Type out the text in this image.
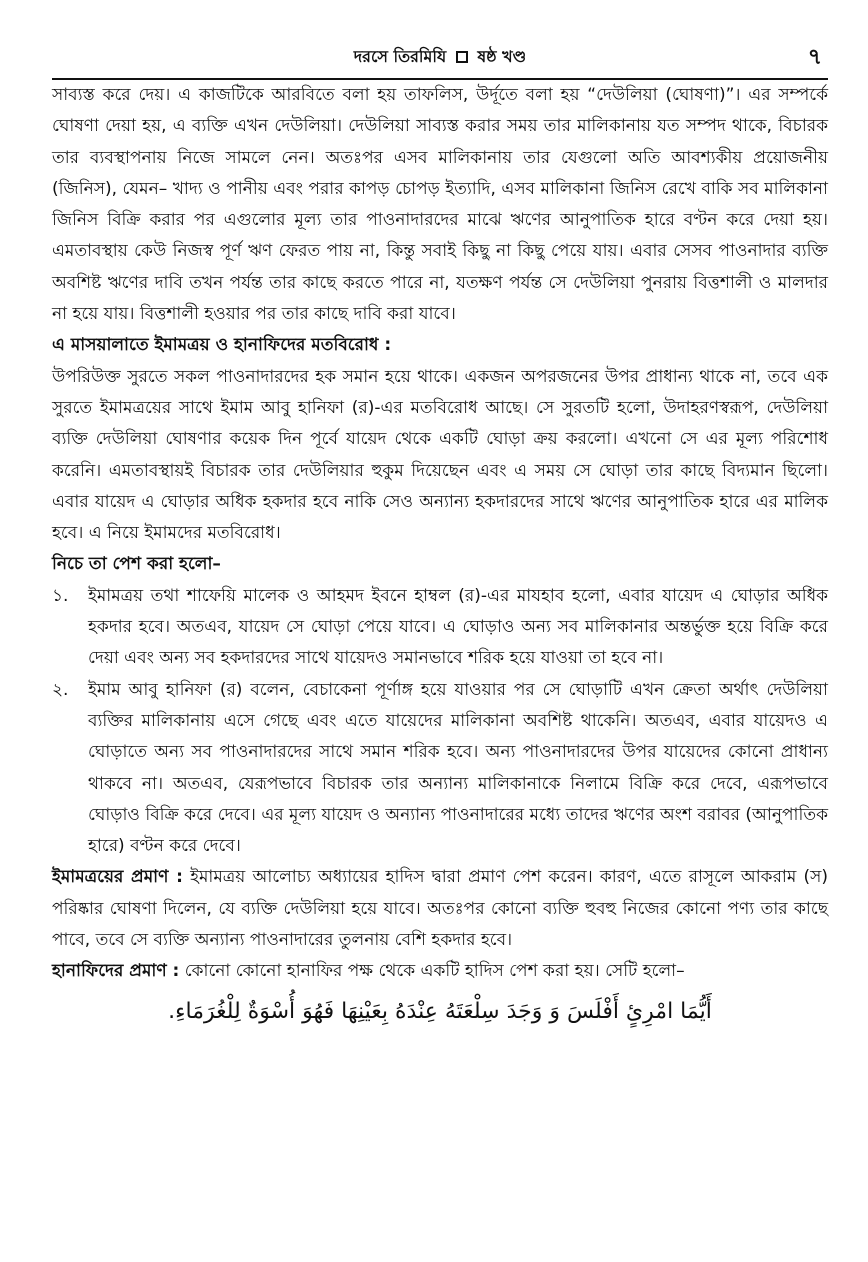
দরসে তিরমিযি ষষ্ঠ খণ্ড	৭

সাব্যস্ত করে দেয়। এ কাজটিকে আরবিতে বলা হয় তাফলিস, উর্দূতে বলা হয় “দেউলিয়া (ঘোষণা)”। এর সম্পর্কে ঘোষণা দেয়া হয়, এ ব্যক্তি এখন দেউলিয়া। দেউলিয়া সাব্যস্ত করার সময় তার মালিকানায় যত সম্পদ থাকে, বিচারক তার ব্যবস্থাপনায় নিজে সামলে নেন। অতঃপর এসব মালিকানায় তার যেগুলো অতি আবশ্যকীয় প্রয়োজনীয় (জিনিস), যেমন– খাদ্য ও পানীয় এবং পরার কাপড় চোপড় ইত্যাদি, এসব মালিকানা জিনিস রেখে বাকি সব মালিকানা জিনিস বিক্রি করার পর এগুলোর মূল্য তার পাওনাদারদের মাঝে ঋণের আনুপাতিক হারে বণ্টন করে দেয়া হয়। এমতাবস্থায় কেউ নিজস্ব পূর্ণ ঋণ ফেরত পায় না, কিন্তু সবাই কিছু না কিছু পেয়ে যায়। এবার সেসব পাওনাদার ব্যক্তি অবশিষ্ট ঋণের দাবি তখন পর্যন্ত তার কাছে করতে পারে না, যতক্ষণ পর্যন্ত সে দেউলিয়া পুনরায় বিত্তশালী ও মালদার না হয়ে যায়। বিত্তশালী হওয়ার পর তার কাছে দাবি করা যাবে।

এ মাসয়ালাতে ইমামত্রয় ও হানাফিদের মতবিরোধ :

উপরিউক্ত সুরতে সকল পাওনাদারদের হক সমান হয়ে থাকে। একজন অপরজনের উপর প্রাধান্য থাকে না, তবে এক সুরতে ইমামত্রয়ের সাথে ইমাম আবু হানিফা (র)-এর মতবিরোধ আছে। সে সুরতটি হলো, উদাহরণস্বরূপ, দেউলিয়া ব্যক্তি দেউলিয়া ঘোষণার কয়েক দিন পূর্বে যায়েদ থেকে একটি ঘোড়া ক্রয় করলো। এখনো সে এর মূল্য পরিশোধ করেনি। এমতাবস্থায়ই বিচারক তার দেউলিয়ার হুকুম দিয়েছেন এবং এ সময় সে ঘোড়া তার কাছে বিদ্যমান ছিলো। এবার যায়েদ এ ঘোড়ার অধিক হকদার হবে নাকি সেও অন্যান্য হকদারদের সাথে ঋণের আনুপাতিক হারে এর মালিক হবে। এ নিয়ে ইমামদের মতবিরোধ।

নিচে তা পেশ করা হলো–

১. ইমামত্রয় তথা শাফেয়ি মালেক ও আহমদ ইবনে হাম্বল (র)-এর মাযহাব হলো, এবার যায়েদ এ ঘোড়ার অধিক হকদার হবে। অতএব, যায়েদ সে ঘোড়া পেয়ে যাবে। এ ঘোড়াও অন্য সব মালিকানার অন্তর্ভুক্ত হয়ে বিক্রি করে দেয়া এবং অন্য সব হকদারদের সাথে যায়েদও সমানভাবে শরিক হয়ে যাওয়া তা হবে না।
২. ইমাম আবু হানিফা (র) বলেন, বেচাকেনা পূর্ণাঙ্গ হয়ে যাওয়ার পর সে ঘোড়াটি এখন ক্রেতা অর্থাৎ দেউলিয়া ব্যক্তির মালিকানায় এসে গেছে এবং এতে যায়েদের মালিকানা অবশিষ্ট থাকেনি। অতএব, এবার যায়েদও এ ঘোড়াতে অন্য সব পাওনাদারদের সাথে সমান শরিক হবে। অন্য পাওনাদারদের উপর যায়েদের কোনো প্রাধান্য থাকবে না। অতএব, যেরূপভাবে বিচারক তার অন্যান্য মালিকানাকে নিলামে বিক্রি করে দেবে, এরূপভাবে ঘোড়াও বিক্রি করে দেবে। এর মূল্য যায়েদ ও অন্যান্য পাওনাদারের মধ্যে তাদের ঋণের অংশ বরাবর (আনুপাতিক হারে) বণ্টন করে দেবে।

ইমামত্রয়ের প্রমাণ : ইমামত্রয় আলোচ্য অধ্যায়ের হাদিস দ্বারা প্রমাণ পেশ করেন। কারণ, এতে রাসূলে আকরাম (স) পরিষ্কার ঘোষণা দিলেন, যে ব্যক্তি দেউলিয়া হয়ে যাবে। অতঃপর কোনো ব্যক্তি হুবহু নিজের কোনো পণ্য তার কাছে পাবে, তবে সে ব্যক্তি অন্যান্য পাওনাদারের তুলনায় বেশি হকদার হবে।

হানাফিদের প্রমাণ : কোনো কোনো হানাফির পক্ষ থেকে একটি হাদিস পেশ করা হয়। সেটি হলো–

أَيُّمَا امْرِئٍ أَفْلَسَ وَ وَجَدَ سِلْعَتَهُ عِنْدَهُ بِعَيْنِهَا فَهُوَ أُسْوَةٌ لِلْغُرَمَاءِ.
